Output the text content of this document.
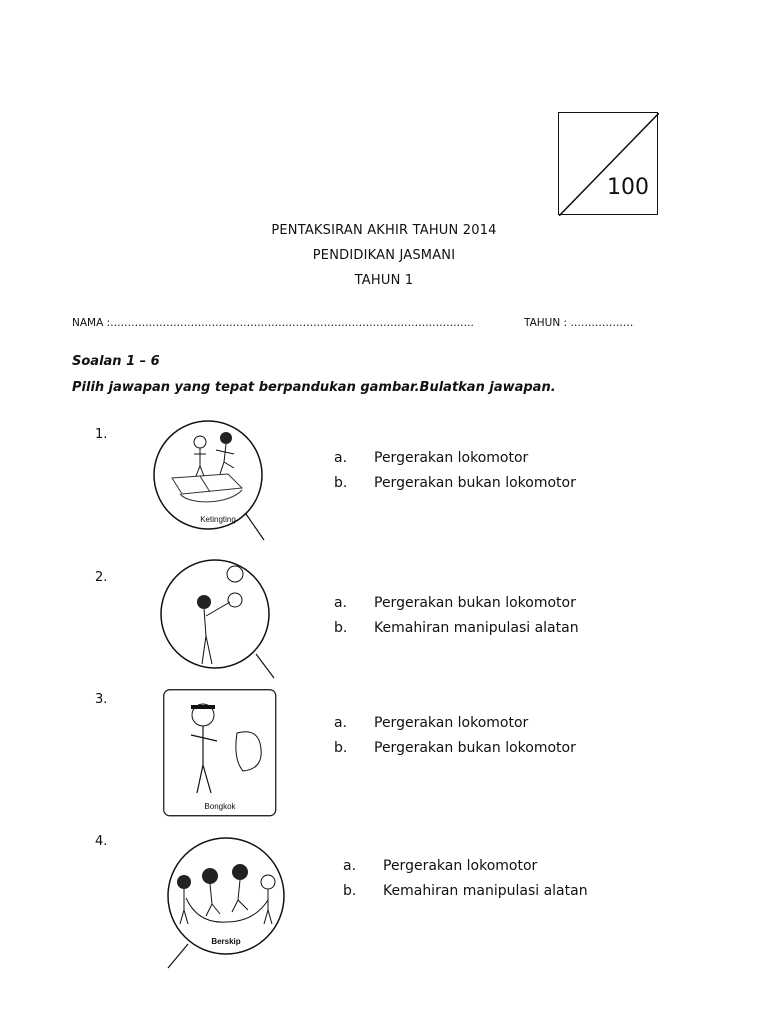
100
PENTAKSIRAN AKHIR TAHUN 2014
PENDIDIKAN JASMANI
TAHUN 1
NAMA :…………………………………………………………………………………………..	TAHUN : ………………
Soalan 1 – 6
Pilih jawapan yang tepat berpandukan gambar.Bulatkan jawapan.
1.
Ketingting
a. Pergerakan lokomotor
b. Pergerakan bukan lokomotor
2.
a. Pergerakan bukan lokomotor
b. Kemahiran manipulasi alatan
3.
Bongkok
a. Pergerakan lokomotor
b. Pergerakan bukan lokomotor
4.
Berskip
a. Pergerakan lokomotor
b. Kemahiran manipulasi alatan
